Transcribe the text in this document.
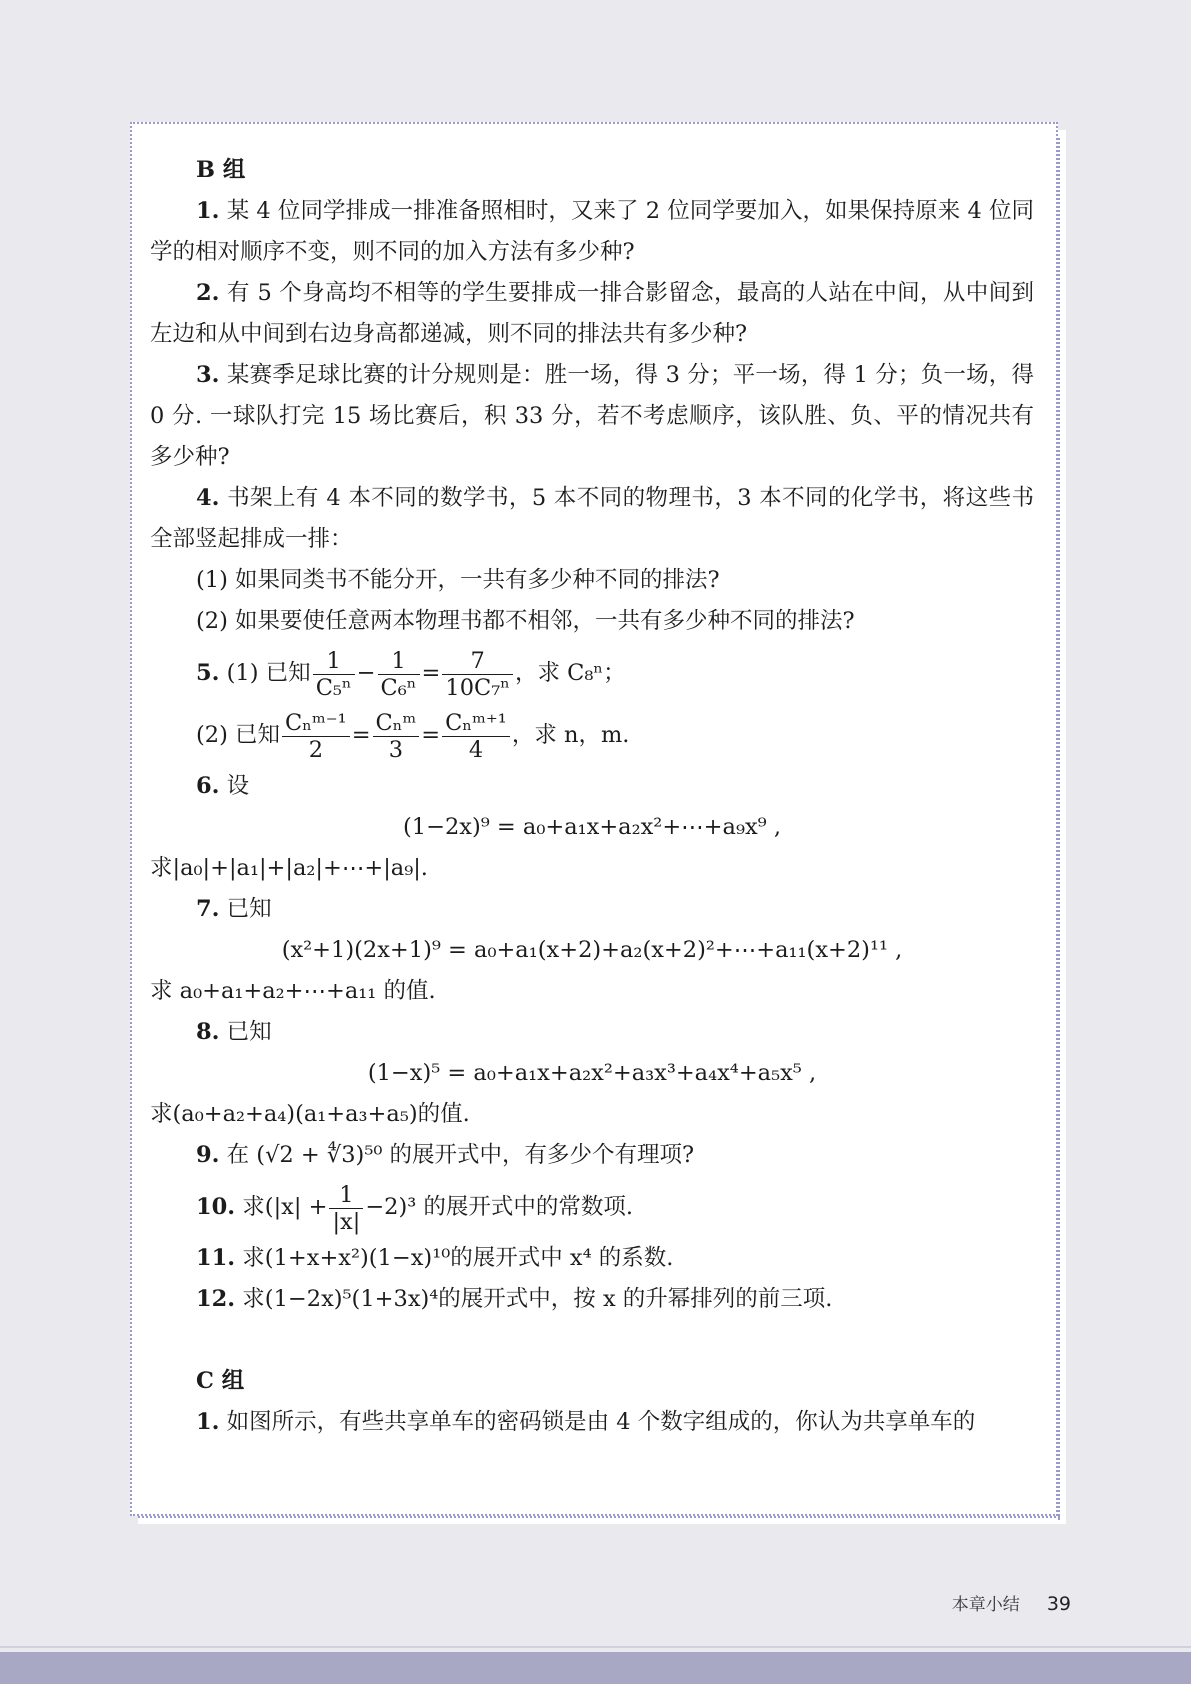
B 组

1. 某 4 位同学排成一排准备照相时，又来了 2 位同学要加入，如果保持原来 4 位同学的相对顺序不变，则不同的加入方法有多少种?

2. 有 5 个身高均不相等的学生要排成一排合影留念，最高的人站在中间，从中间到左边和从中间到右边身高都递减，则不同的排法共有多少种?

3. 某赛季足球比赛的计分规则是：胜一场，得 3 分；平一场，得 1 分；负一场，得 0 分. 一球队打完 15 场比赛后，积 33 分，若不考虑顺序，该队胜、负、平的情况共有多少种?

4. 书架上有 4 本不同的数学书，5 本不同的物理书，3 本不同的化学书，将这些书全部竖起排成一排：

(1) 如果同类书不能分开，一共有多少种不同的排法?

(2) 如果要使任意两本物理书都不相邻，一共有多少种不同的排法?

5. (1) 已知 $\frac{1}{\text{C₅ⁿ}} - \frac{1}{\text{C₆ⁿ}} = \frac{7}{\text{10C₇ⁿ}}$ ，求 C₈ⁿ；

(2) 已知 $\frac{\text{Cₙᵐ⁻¹}}{2} = \frac{\text{Cₙᵐ}}{3} = \frac{\text{Cₙᵐ⁺¹}}{4}$ ，求 n，m.

6. 设

(1−2x)⁹ = a₀+a₁x+a₂x²+⋯+a₉x⁹ ,

求|a₀|+|a₁|+|a₂|+⋯+|a₉|.

7. 已知

(x²+1)(2x+1)⁹ = a₀+a₁(x+2)+a₂(x+2)²+⋯+a₁₁(x+2)¹¹ ,

求 a₀+a₁+a₂+⋯+a₁₁ 的值.

8. 已知

(1−x)⁵ = a₀+a₁x+a₂x²+a₃x³+a₄x⁴+a₅x⁵ ,

求(a₀+a₂+a₄)(a₁+a₃+a₅)的值.

9. 在 (√2 + ∜3)⁵⁰ 的展开式中，有多少个有理项?

10. 求$(|x| + \frac{1}{|x|} -2)^3$ 的展开式中的常数项.

11. 求(1+x+x²)(1−x)¹⁰的展开式中 x⁴ 的系数.

12. 求(1−2x)⁵(1+3x)⁴的展开式中，按 x 的升幂排列的前三项.

C 组

1. 如图所示，有些共享单车的密码锁是由 4 个数字组成的，你认为共享单车的

本章小结 39
